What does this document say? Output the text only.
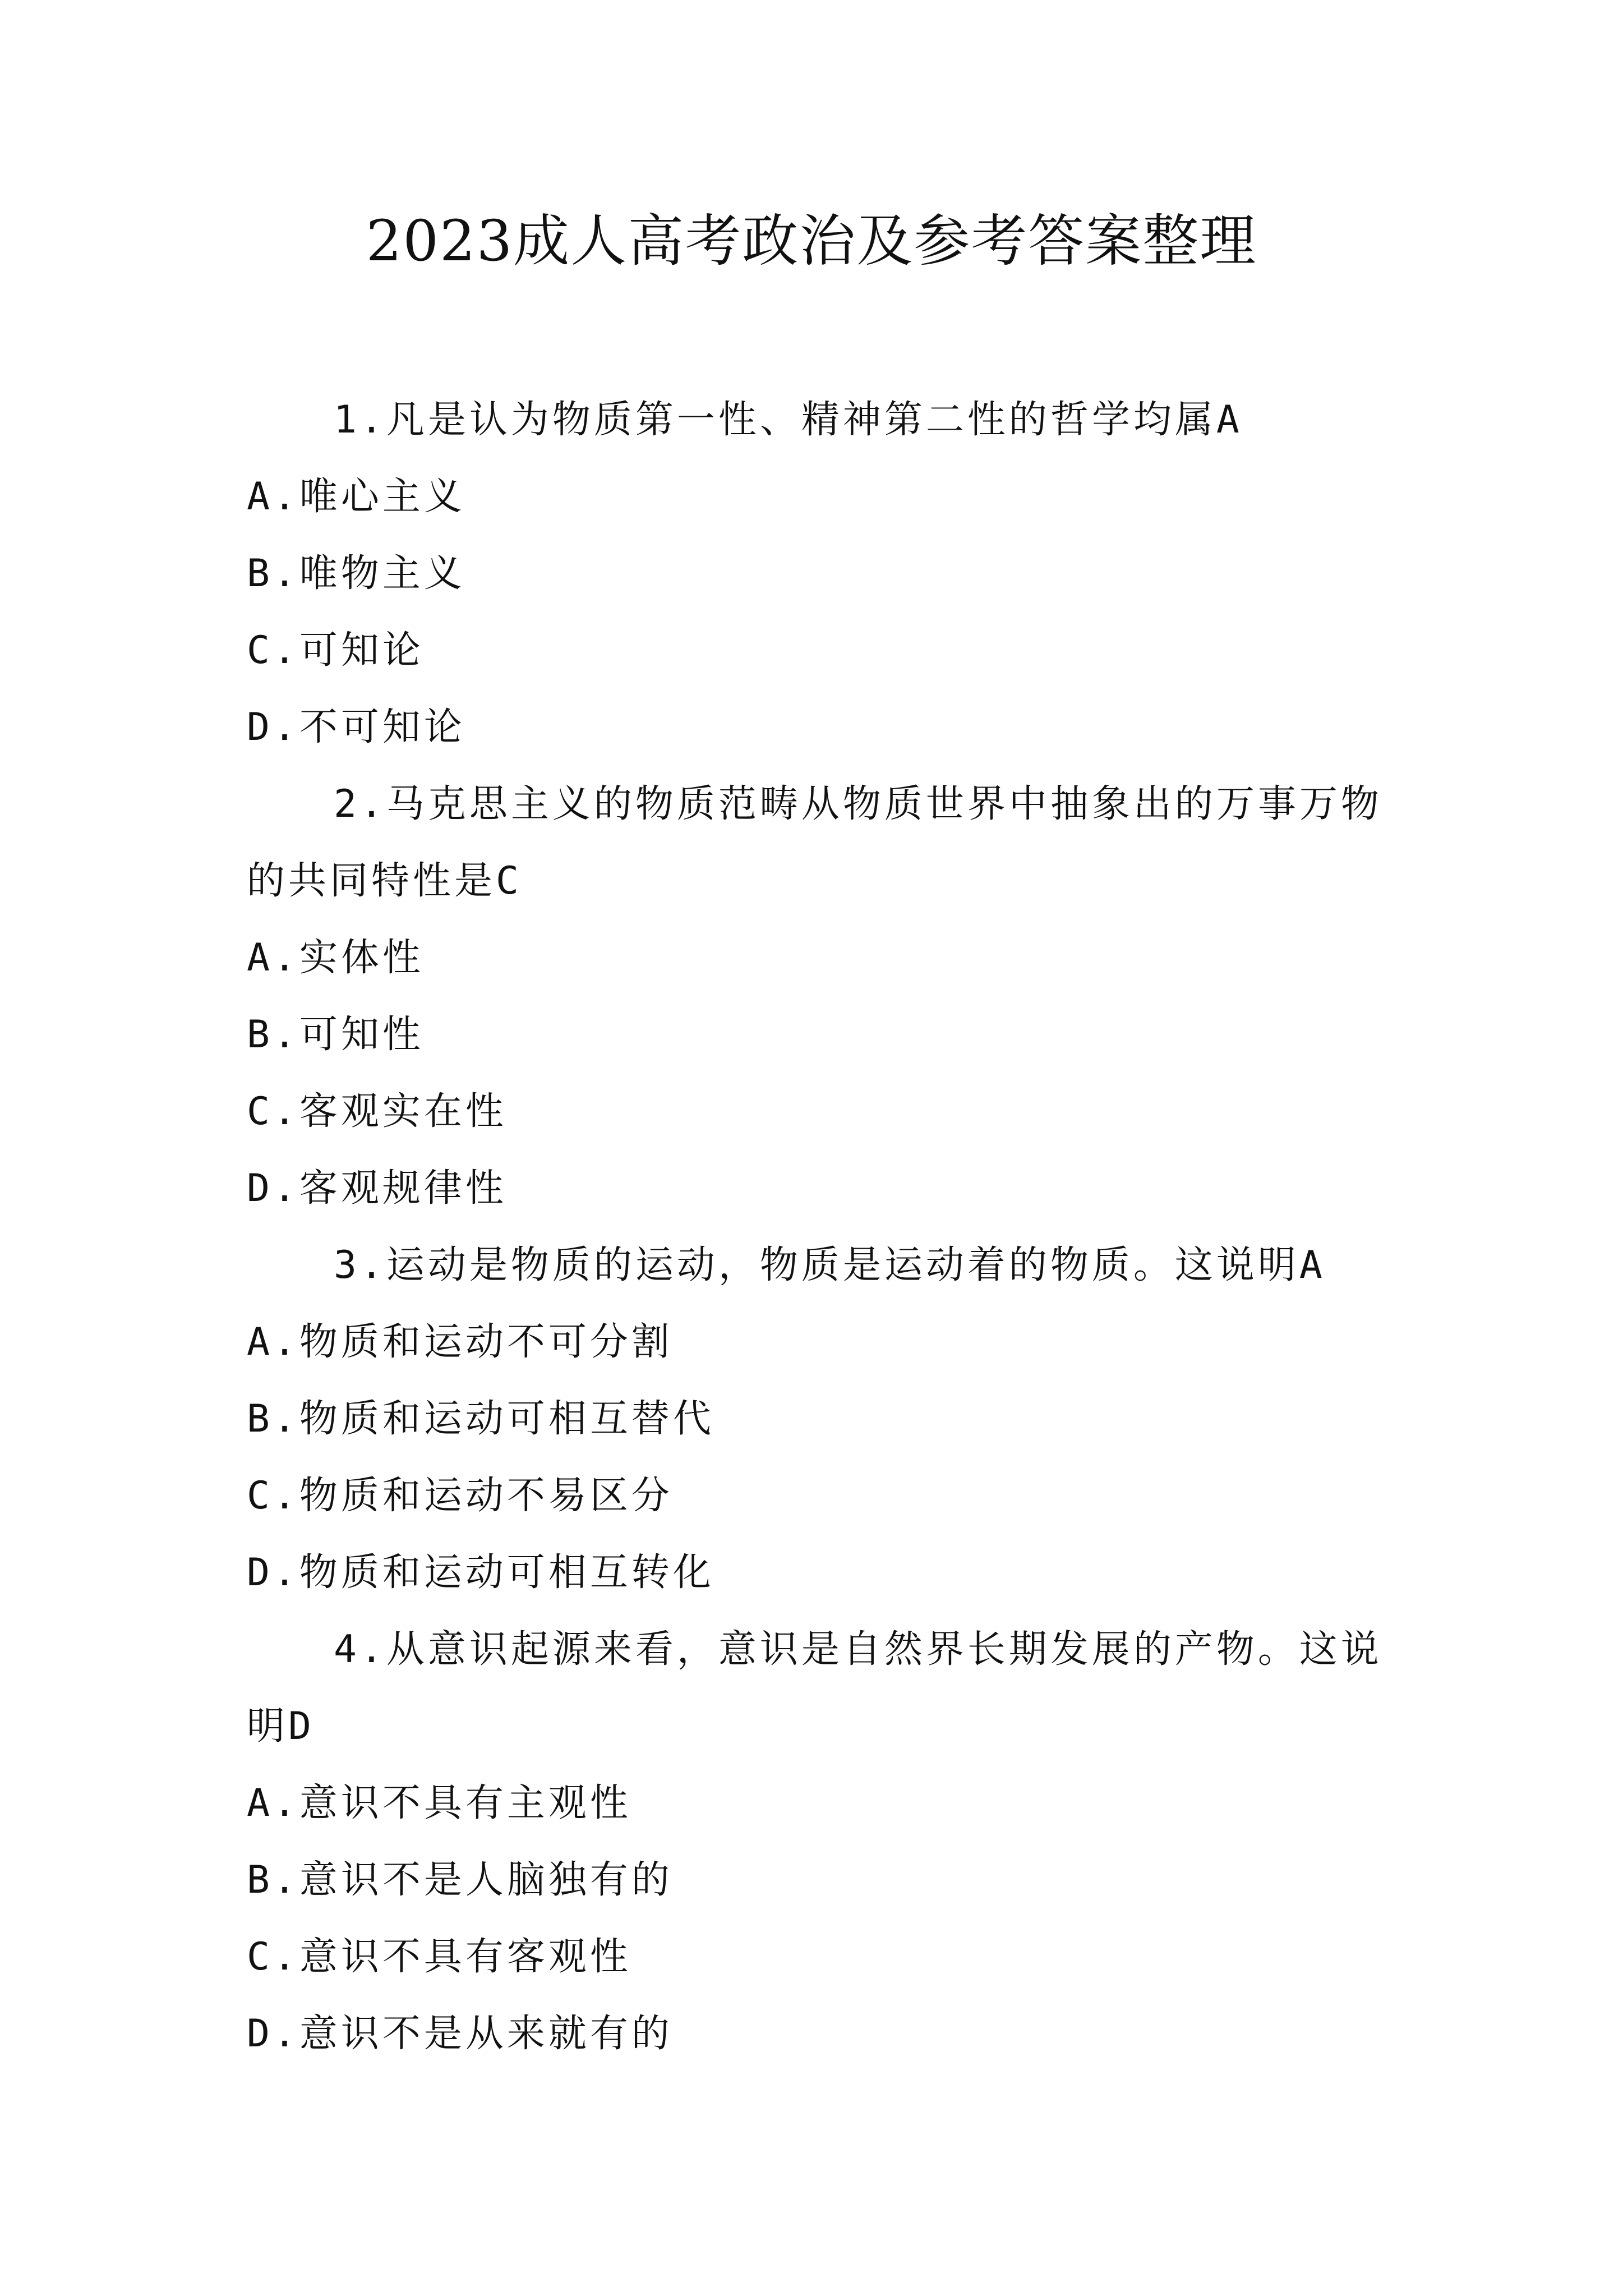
2023成人高考政治及参考答案整理

1.凡是认为物质第一性、精神第二性的哲学均属A

A.唯心主义

B.唯物主义

C.可知论

D.不可知论

2.马克思主义的物质范畴从物质世界中抽象出的万事万物的共同特性是C

A.实体性

B.可知性

C.客观实在性

D.客观规律性

3.运动是物质的运动，物质是运动着的物质。这说明A

A.物质和运动不可分割

B.物质和运动可相互替代

C.物质和运动不易区分

D.物质和运动可相互转化

4.从意识起源来看，意识是自然界长期发展的产物。这说明D

A.意识不具有主观性

B.意识不是人脑独有的

C.意识不具有客观性

D.意识不是从来就有的
